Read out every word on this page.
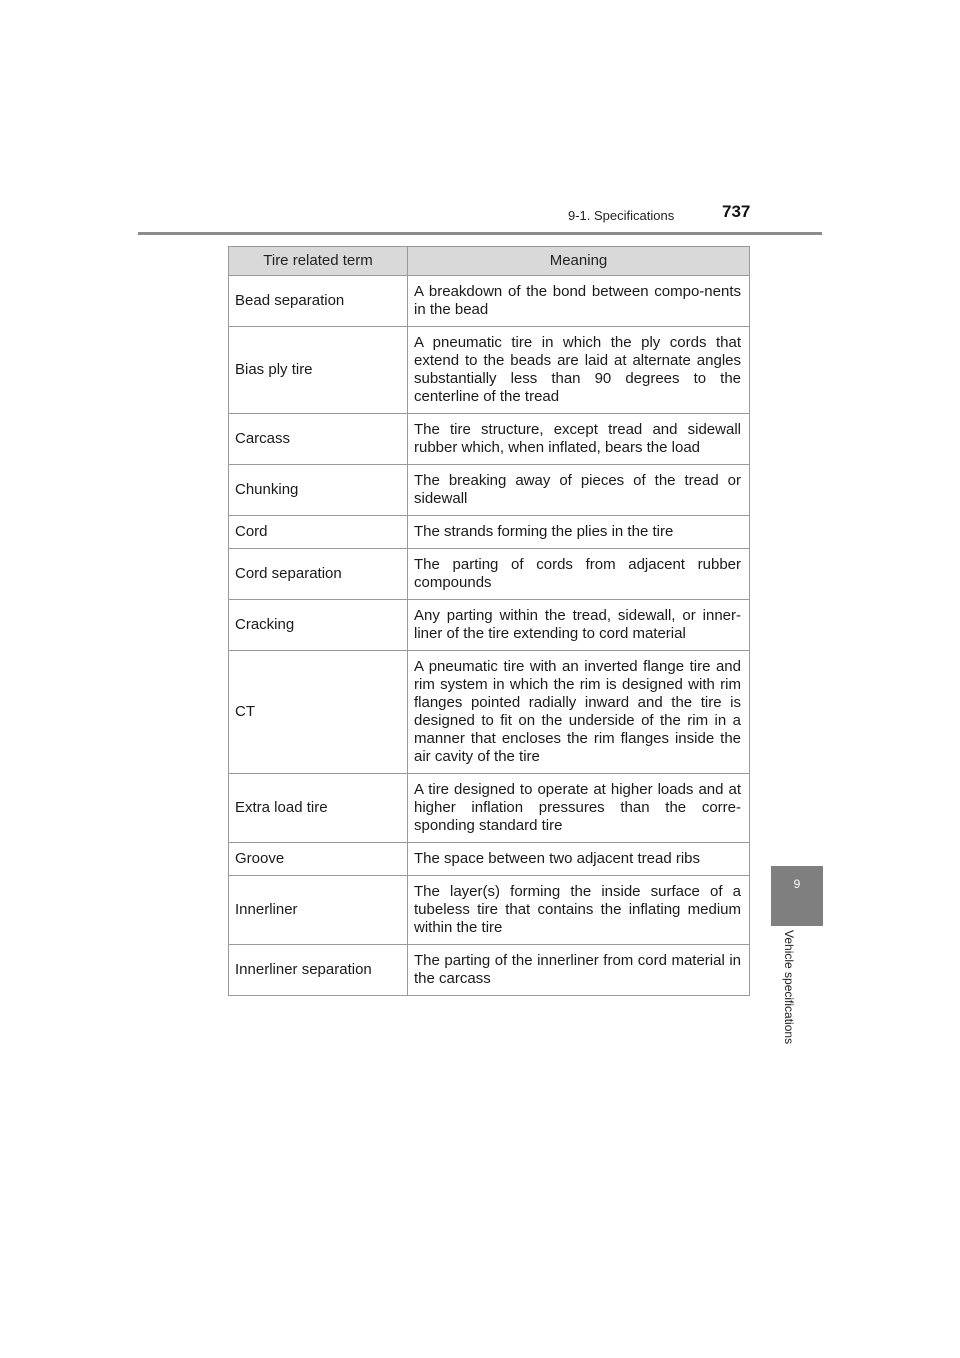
9-1. Specifications	737
9
Vehicle specifications
Tire related term	Meaning
Bead separation	A breakdown of the bond between compo-nents in the bead
Bias ply tire	A pneumatic tire in which the ply cords that extend to the beads are laid at alternate angles substantially less than 90 degrees to the centerline of the tread
Carcass	The tire structure, except tread and sidewall rubber which, when inflated, bears the load
Chunking	The breaking away of pieces of the tread or sidewall
Cord	The strands forming the plies in the tire
Cord separation	The parting of cords from adjacent rubber compounds
Cracking	Any parting within the tread, sidewall, or inner-liner of the tire extending to cord material
CT	A pneumatic tire with an inverted flange tire and rim system in which the rim is designed with rim flanges pointed radially inward and the tire is designed to fit on the underside of the rim in a manner that encloses the rim flanges inside the air cavity of the tire
Extra load tire	A tire designed to operate at higher loads and at higher inflation pressures than the corre-sponding standard tire
Groove	The space between two adjacent tread ribs
Innerliner	The layer(s) forming the inside surface of a tubeless tire that contains the inflating medium within the tire
Innerliner separation	The parting of the innerliner from cord material in the carcass
